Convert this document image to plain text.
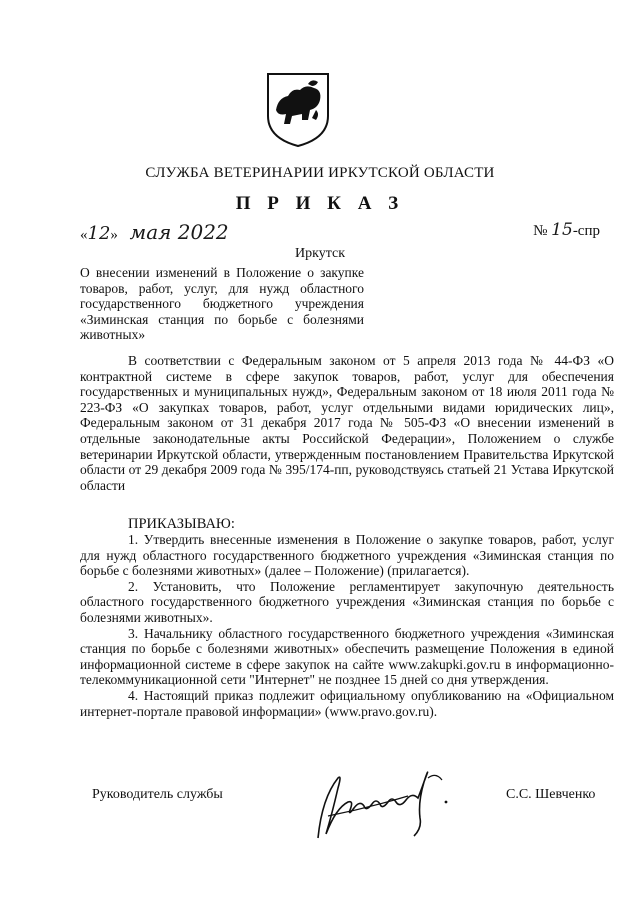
СЛУЖБА ВЕТЕРИНАРИИ ИРКУТСКОЙ ОБЛАСТИ
П Р И К А З
«12» мая 2022	№ 15-спр
Иркутск
О внесении изменений в Положение о закупке товаров, работ, услуг, для нужд областного государственного бюджетного учреждения «Зиминская станция по борьбе с болезнями животных»
В соответствии с Федеральным законом от 5 апреля 2013 года № 44-ФЗ «О контрактной системе в сфере закупок товаров, работ, услуг для обеспечения государственных и муниципальных нужд», Федеральным законом от 18 июля 2011 года № 223-ФЗ «О закупках товаров, работ, услуг отдельными видами юридических лиц», Федеральным законом от 31 декабря 2017 года № 505-ФЗ «О внесении изменений в отдельные законодательные акты Российской Федерации», Положением о службе ветеринарии Иркутской области, утвержденным постановлением Правительства Иркутской области от 29 декабря 2009 года № 395/174-пп, руководствуясь статьей 21 Устава Иркутской области
ПРИКАЗЫВАЮ:

1. Утвердить внесенные изменения в Положение о закупке товаров, работ, услуг для нужд областного государственного бюджетного учреждения «Зиминская станция по борьбе с болезнями животных» (далее – Положение) (прилагается).

2. Установить, что Положение регламентирует закупочную деятельность областного государственного бюджетного учреждения «Зиминская станция по борьбе с болезнями животных».

3. Начальнику областного государственного бюджетного учреждения «Зиминская станция по борьбе с болезнями животных» обеспечить размещение Положения в единой информационной системе в сфере закупок на сайте www.zakupki.gov.ru в информационно-телекоммуникационной сети "Интернет" не позднее 15 дней со дня утверждения.

4. Настоящий приказ подлежит официальному опубликованию на «Официальном интернет-портале правовой информации» (www.pravo.gov.ru).

Руководитель службы	С.С. Шевченко
